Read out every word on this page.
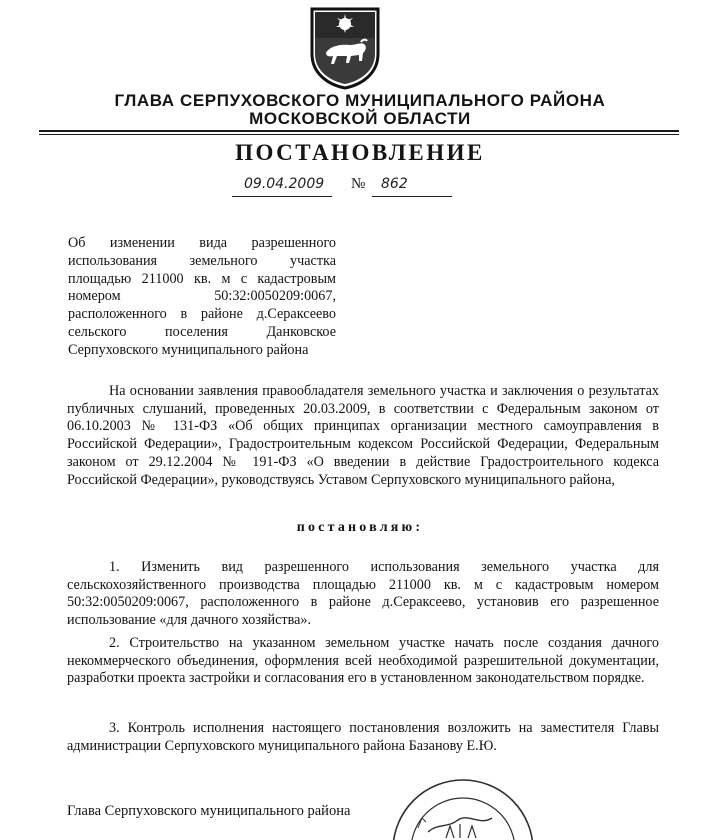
ГЛАВА СЕРПУХОВСКОГО МУНИЦИПАЛЬНОГО РАЙОНА
МОСКОВСКОЙ ОБЛАСТИ
ПОСТАНОВЛЕНИЕ
09.04.2009 № 862
Об изменении вида разрешенного
использования земельного участка
площадью 211000 кв. м с кадастровым
номером 50:32:0050209:0067,
расположенного в районе д.Сераксеево
сельского поселения Данковское
Серпуховского муниципального района
На основании заявления правообладателя земельного участка и заключения о результатах публичных слушаний, проведенных 20.03.2009, в соответствии с Федеральным законом от 06.10.2003 № 131-ФЗ «Об общих принципах организации местного самоуправления в Российской Федерации», Градостроительным кодексом Российской Федерации, Федеральным законом от 29.12.2004 № 191-ФЗ «О введении в действие Градостроительного кодекса Российской Федерации», руководствуясь Уставом Серпуховского муниципального района,
постановляю:
1. Изменить вид разрешенного использования земельного участка для сельскохозяйственного производства площадью 211000 кв. м с кадастровым номером 50:32:0050209:0067, расположенного в районе д.Сераксеево, установив его разрешенное использование «для дачного хозяйства».
2. Строительство на указанном земельном участке начать после создания дачного некоммерческого объединения, оформления всей необходимой разрешительной документации, разработки проекта застройки и согласования его в установленном законодательством порядке.
3. Контроль исполнения настоящего постановления возложить на заместителя Главы администрации Серпуховского муниципального района Базанову Е.Ю.
Глава Серпуховского муниципального района
